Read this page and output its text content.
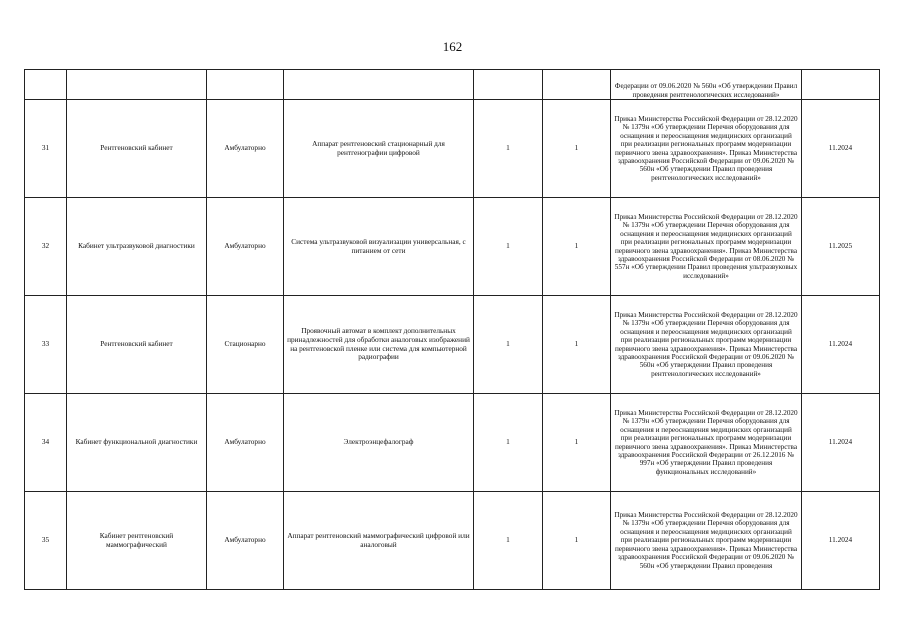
162
						Федерации от 09.06.2020 № 560н «Об утверждении Правил проведения рентгенологических исследований»	
31	Рентгеновский кабинет	Амбулаторно	Аппарат рентгеновский стационарный для рентгенографии цифровой	1	1	Приказ Министерства Российской Федерации от 28.12.2020 № 1379н «Об утверждении Перечня оборудования для оснащения и переоснащения медицинских организаций при реализации региональных программ модернизации первичного звена здравоохранения». Приказ Министерства здравоохранения Российской Федерации от 09.06.2020 № 560н «Об утверждении Правил проведения рентгенологических исследований»	11.2024
32	Кабинет ультразвуковой диагностики	Амбулаторно	Система ультразвуковой визуализации универсальная, с питанием от сети	1	1	Приказ Министерства Российской Федерации от 28.12.2020 № 1379н «Об утверждении Перечня оборудования для оснащения и переоснащения медицинских организаций при реализации региональных программ модернизации первичного звена здравоохранения». Приказ Министерства здравоохранения Российской Федерации от 08.06.2020 № 557н «Об утверждении Правил проведения ультразвуковых исследований»	11.2025
33	Рентгеновский кабинет	Стационарно	Проявочный автомат в комплект дополнительных принадлежностей для обработки аналоговых изображений на рентгеновской пленке или система для компьютерной радиографии	1	1	Приказ Министерства Российской Федерации от 28.12.2020 № 1379н «Об утверждении Перечня оборудования для оснащения и переоснащения медицинских организаций при реализации региональных программ модернизации первичного звена здравоохранения». Приказ Министерства здравоохранения Российской Федерации от 09.06.2020 № 560н «Об утверждении Правил проведения рентгенологических исследований»	11.2024
34	Кабинет функциональной диагностики	Амбулаторно	Электроэнцефалограф	1	1	Приказ Министерства Российской Федерации от 28.12.2020 № 1379н «Об утверждении Перечня оборудования для оснащения и переоснащения медицинских организаций при реализации региональных программ модернизации первичного звена здравоохранения». Приказ Министерства здравоохранения Российской Федерации от 26.12.2016 № 997н «Об утверждении Правил проведения функциональных исследований»	11.2024
35	Кабинет рентгеновский маммографический	Амбулаторно	Аппарат рентгеновский маммографический цифровой или аналоговый	1	1	Приказ Министерства Российской Федерации от 28.12.2020 № 1379н «Об утверждении Перечня оборудования для оснащения и переоснащения медицинских организаций при реализации региональных программ модернизации первичного звена здравоохранения». Приказ Министерства здравоохранения Российской Федерации от 09.06.2020 № 560н «Об утверждении Правил проведения	11.2024
